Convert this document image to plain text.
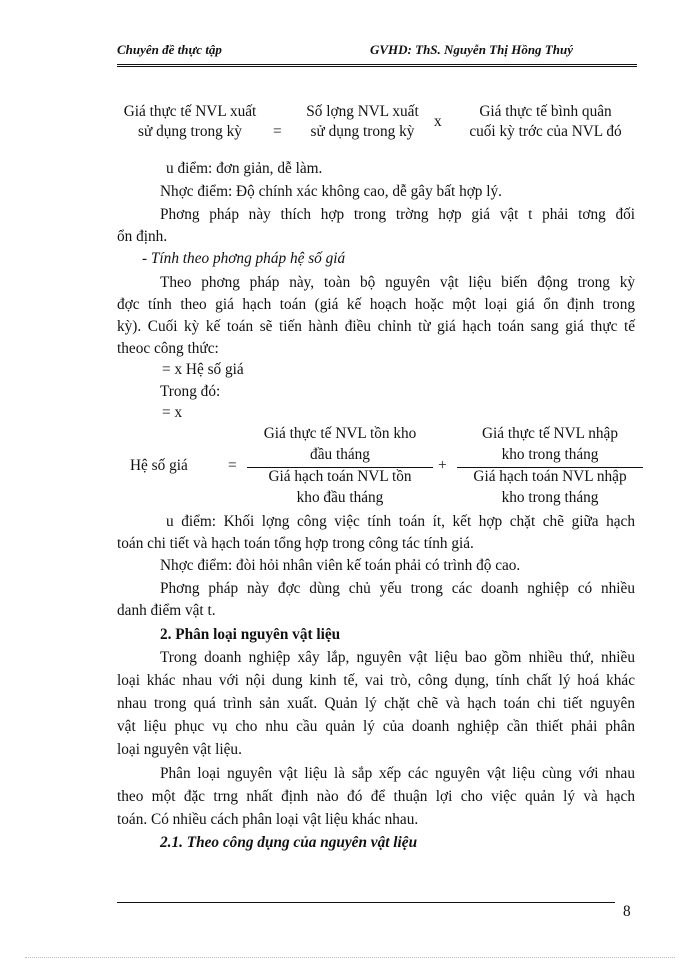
Chuyên đề thực tập	GVHD: ThS. Nguyễn Thị Hồng Thuý
Giá thực tế NVL xuất
sử dụng trong kỳ	=
Số lợng NVL xuất
sử dụng trong kỳ
x
Giá thực tế bình quân
cuối kỳ trớc của NVL đó
u điểm: đơn giản, dễ làm.
Nhợc điểm: Độ chính xác không cao, dễ gây bất hợp lý.
Phơng pháp này thích hợp trong trờng hợp giá vật t phải tơng đối
ổn định.
- Tính theo phơng pháp hệ số giá
Theo phơng pháp này, toàn bộ nguyên vật liệu biến động trong kỳ
đợc tính theo giá hạch toán (giá kế hoạch hoặc một loại giá ổn định trong
kỳ). Cuối kỳ kế toán sẽ tiến hành điều chỉnh từ giá hạch toán sang giá thực tế
theoc công thức:
= x Hệ số giá
Trong đó:
= x
Hệ số giá	=
Giá thực tế NVL tồn kho
đầu tháng
Giá hạch toán NVL tồn
kho đầu tháng
+
Giá thực tế NVL nhập
kho trong tháng
Giá hạch toán NVL nhập
kho trong tháng
u điểm: Khối lợng công việc tính toán ít, kết hợp chặt chẽ giữa hạch
toán chi tiết và hạch toán tổng hợp trong công tác tính giá.
Nhợc điểm: đòi hỏi nhân viên kế toán phải có trình độ cao.
Phơng pháp này đợc dùng chủ yếu trong các doanh nghiệp có nhiều
danh điểm vật t.
2. Phân loại nguyên vật liệu
Trong doanh nghiệp xây lắp, nguyên vật liệu bao gồm nhiều thứ, nhiều
loại khác nhau với nội dung kinh tế, vai trò, công dụng, tính chất lý hoá khác
nhau trong quá trình sản xuất. Quản lý chặt chẽ và hạch toán chi tiết nguyên
vật liệu phục vụ cho nhu cầu quản lý của doanh nghiệp cần thiết phải phân
loại nguyên vật liệu.
Phân loại nguyên vật liệu là sắp xếp các nguyên vật liệu cùng với nhau
theo một đặc trng nhất định nào đó để thuận lợi cho việc quản lý và hạch
toán. Có nhiều cách phân loại vật liệu khác nhau.
2.1. Theo công dụng của nguyên vật liệu
8
